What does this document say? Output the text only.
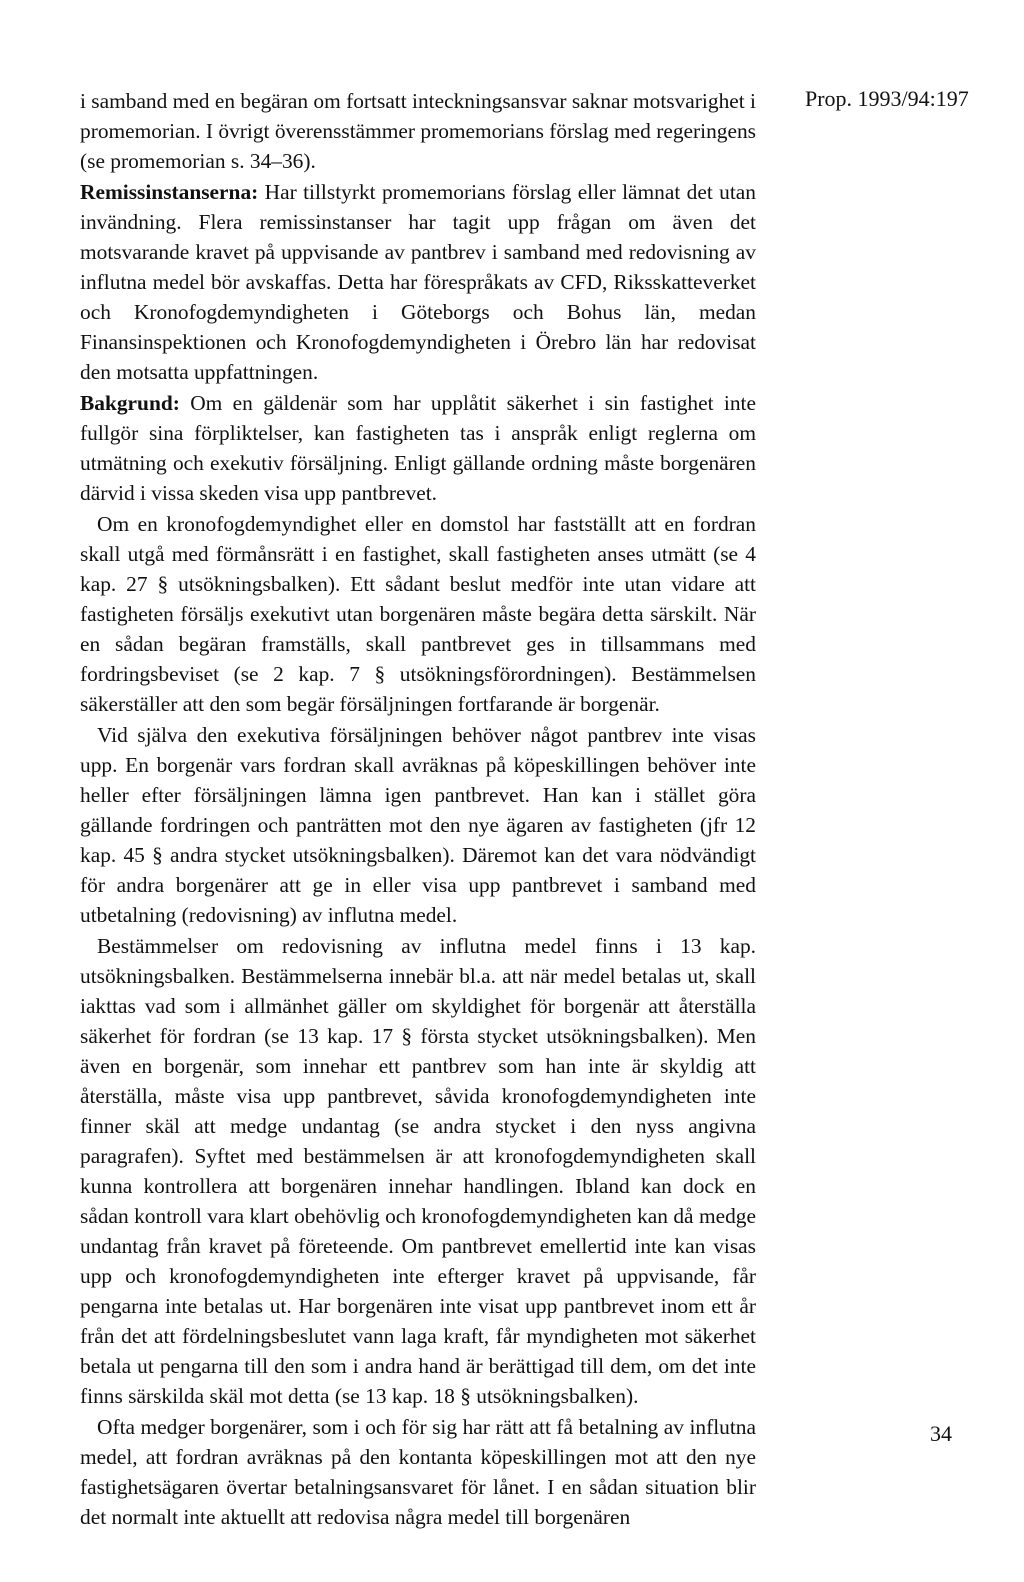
Prop. 1993/94:197

i samband med en begäran om fortsatt inteckningsansvar saknar motsvarighet i promemorian. I övrigt överensstämmer promemorians förslag med regeringens (se promemorian s. 34–36).

Remissinstanserna: Har tillstyrkt promemorians förslag eller lämnat det utan invändning. Flera remissinstanser har tagit upp frågan om även det motsvarande kravet på uppvisande av pantbrev i samband med redovisning av influtna medel bör avskaffas. Detta har förespråkats av CFD, Riksskatteverket och Kronofogdemyndigheten i Göteborgs och Bohus län, medan Finansinspektionen och Kronofogdemyndigheten i Örebro län har redovisat den motsatta uppfattningen.

Bakgrund: Om en gäldenär som har upplåtit säkerhet i sin fastighet inte fullgör sina förpliktelser, kan fastigheten tas i anspråk enligt reglerna om utmätning och exekutiv försäljning. Enligt gällande ordning måste borgenären därvid i vissa skeden visa upp pantbrevet.

Om en kronofogdemyndighet eller en domstol har fastställt att en fordran skall utgå med förmånsrätt i en fastighet, skall fastigheten anses utmätt (se 4 kap. 27 § utsökningsbalken). Ett sådant beslut medför inte utan vidare att fastigheten försäljs exekutivt utan borgenären måste begära detta särskilt. När en sådan begäran framställs, skall pantbrevet ges in tillsammans med fordringsbeviset (se 2 kap. 7 § utsökningsförordningen). Bestämmelsen säkerställer att den som begär försäljningen fortfarande är borgenär.

Vid själva den exekutiva försäljningen behöver något pantbrev inte visas upp. En borgenär vars fordran skall avräknas på köpeskillingen behöver inte heller efter försäljningen lämna igen pantbrevet. Han kan i stället göra gällande fordringen och panträtten mot den nye ägaren av fastigheten (jfr 12 kap. 45 § andra stycket utsökningsbalken). Däremot kan det vara nödvändigt för andra borgenärer att ge in eller visa upp pantbrevet i samband med utbetalning (redovisning) av influtna medel.

Bestämmelser om redovisning av influtna medel finns i 13 kap. utsökningsbalken. Bestämmelserna innebär bl.a. att när medel betalas ut, skall iakttas vad som i allmänhet gäller om skyldighet för borgenär att återställa säkerhet för fordran (se 13 kap. 17 § första stycket utsökningsbalken). Men även en borgenär, som innehar ett pantbrev som han inte är skyldig att återställa, måste visa upp pantbrevet, såvida kronofogdemyndigheten inte finner skäl att medge undantag (se andra stycket i den nyss angivna paragrafen). Syftet med bestämmelsen är att kronofogdemyndigheten skall kunna kontrollera att borgenären innehar handlingen. Ibland kan dock en sådan kontroll vara klart obehövlig och kronofogdemyndigheten kan då medge undantag från kravet på företeende. Om pantbrevet emellertid inte kan visas upp och kronofogdemyndigheten inte efterger kravet på uppvisande, får pengarna inte betalas ut. Har borgenären inte visat upp pantbrevet inom ett år från det att fördelningsbeslutet vann laga kraft, får myndigheten mot säkerhet betala ut pengarna till den som i andra hand är berättigad till dem, om det inte finns särskilda skäl mot detta (se 13 kap. 18 § utsökningsbalken).

Ofta medger borgenärer, som i och för sig har rätt att få betalning av influtna medel, att fordran avräknas på den kontanta köpeskillingen mot att den nye fastighetsägaren övertar betalningsansvaret för lånet. I en sådan situation blir det normalt inte aktuellt att redovisa några medel till borgenären

34
